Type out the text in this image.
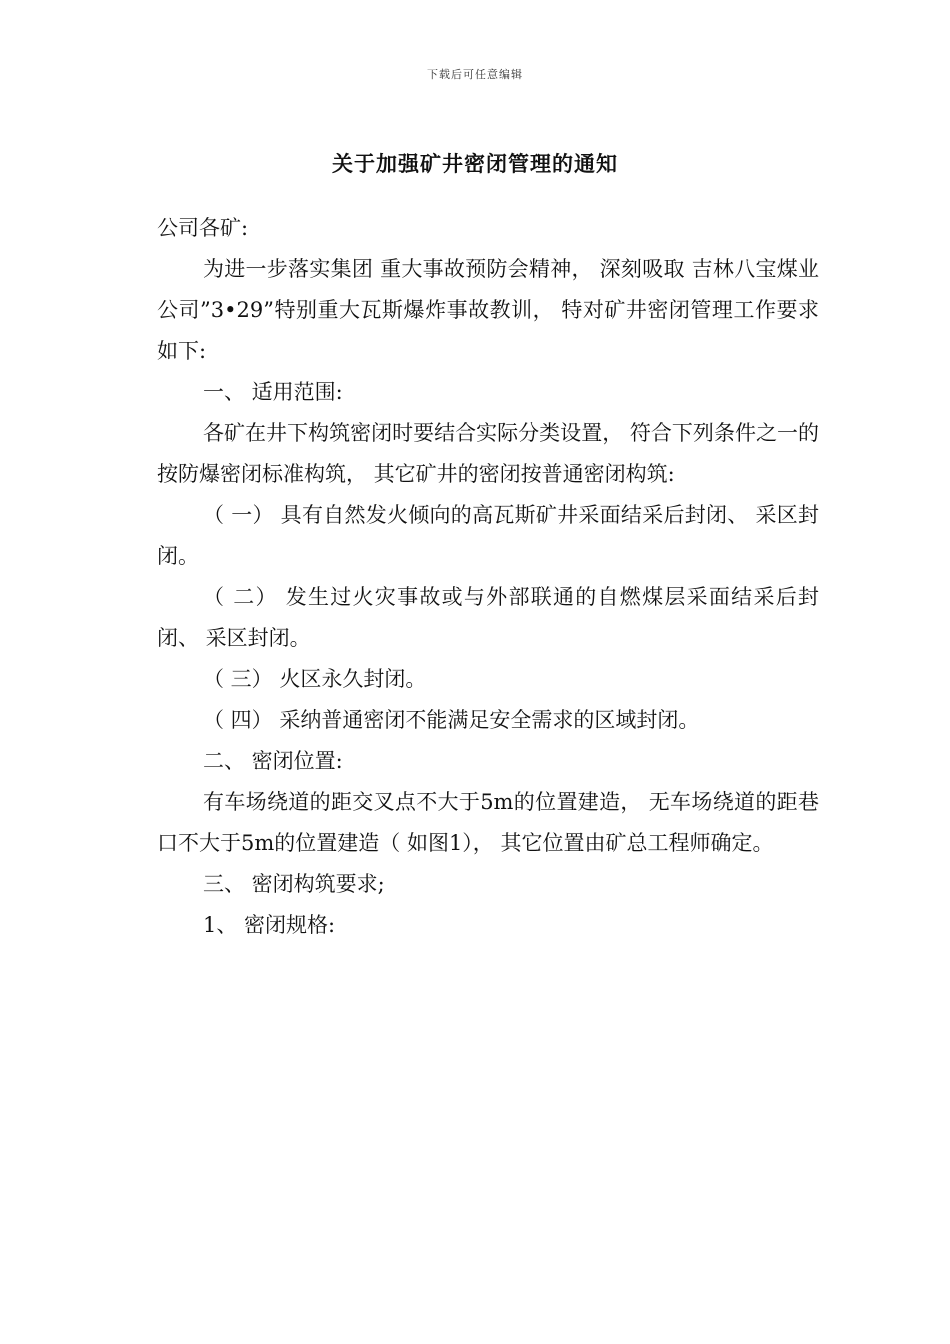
下载后可任意编辑
关于加强矿井密闭管理的通知

公司各矿:

为进一步落实集团 重大事故预防会精神， 深刻吸取 吉林八宝煤业公司”3•29”特别重大瓦斯爆炸事故教训， 特对矿井密闭管理工作要求如下:

一、 适用范围:

各矿在井下构筑密闭时要结合实际分类设置， 符合下列条件之一的按防爆密闭标准构筑， 其它矿井的密闭按普通密闭构筑:

（ 一） 具有自然发火倾向的高瓦斯矿井采面结采后封闭、 采区封闭。

（ 二） 发生过火灾事故或与外部联通的自燃煤层采面结采后封闭、 采区封闭。

（ 三） 火区永久封闭。

（ 四） 采纳普通密闭不能满足安全需求的区域封闭。

二、 密闭位置:

有车场绕道的距交叉点不大于5m的位置建造， 无车场绕道的距巷口不大于5m的位置建造（ 如图1）， 其它位置由矿总工程师确定。

三、 密闭构筑要求;

1、 密闭规格:
